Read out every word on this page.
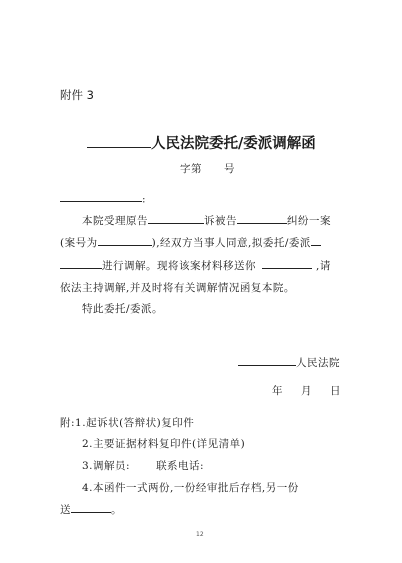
附件 3
人民法院委托/委派调解函
字第 号
:
本院受理原告	诉被告	纠纷一案
(案号为	),经双方当事人同意,拟委托/委派
进行调解。现将该案材料移送你	,请
依法主持调解,并及时将有关调解情况函复本院。
特此委托/委派。
人民法院
年 月 日
附:1.起诉状(答辩状)复印件
2.主要证据材料复印件(详见清单)
3.调解员: 联系电话:
4.本函件一式两份,一份经审批后存档,另一份
送	。
12
